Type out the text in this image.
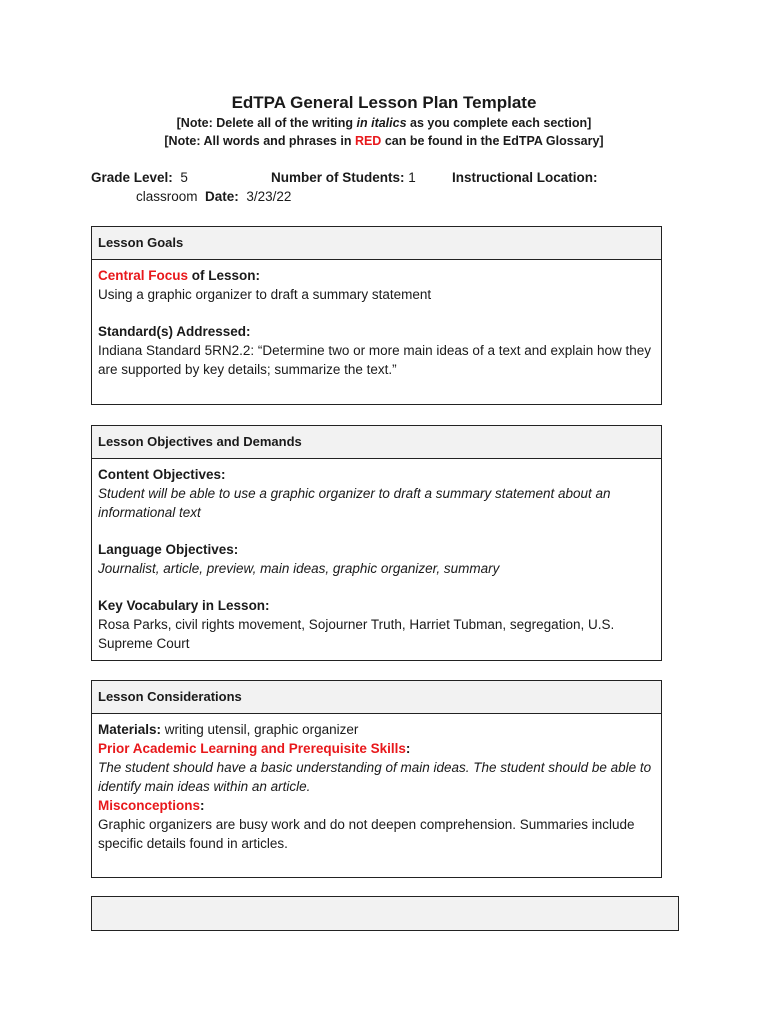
EdTPA General Lesson Plan Template
[Note: Delete all of the writing in italics as you complete each section]
[Note: All words and phrases in RED can be found in the EdTPA Glossary]
Grade Level: 5	Number of Students: 1	Instructional Location:
classroom Date: 3/23/22
Lesson Goals
Central Focus of Lesson:
Using a graphic organizer to draft a summary statement
Standard(s) Addressed:
Indiana Standard 5RN2.2: “Determine two or more main ideas of a text and explain how they are supported by key details; summarize the text.”
Lesson Objectives and Demands
Content Objectives:
Student will be able to use a graphic organizer to draft a summary statement about an informational text
Language Objectives:
Journalist, article, preview, main ideas, graphic organizer, summary
Key Vocabulary in Lesson:
Rosa Parks, civil rights movement, Sojourner Truth, Harriet Tubman, segregation, U.S. Supreme Court
Lesson Considerations
Materials: writing utensil, graphic organizer
Prior Academic Learning and Prerequisite Skills:
The student should have a basic understanding of main ideas. The student should be able to identify main ideas within an article.
Misconceptions:
Graphic organizers are busy work and do not deepen comprehension. Summaries include specific details found in articles.
